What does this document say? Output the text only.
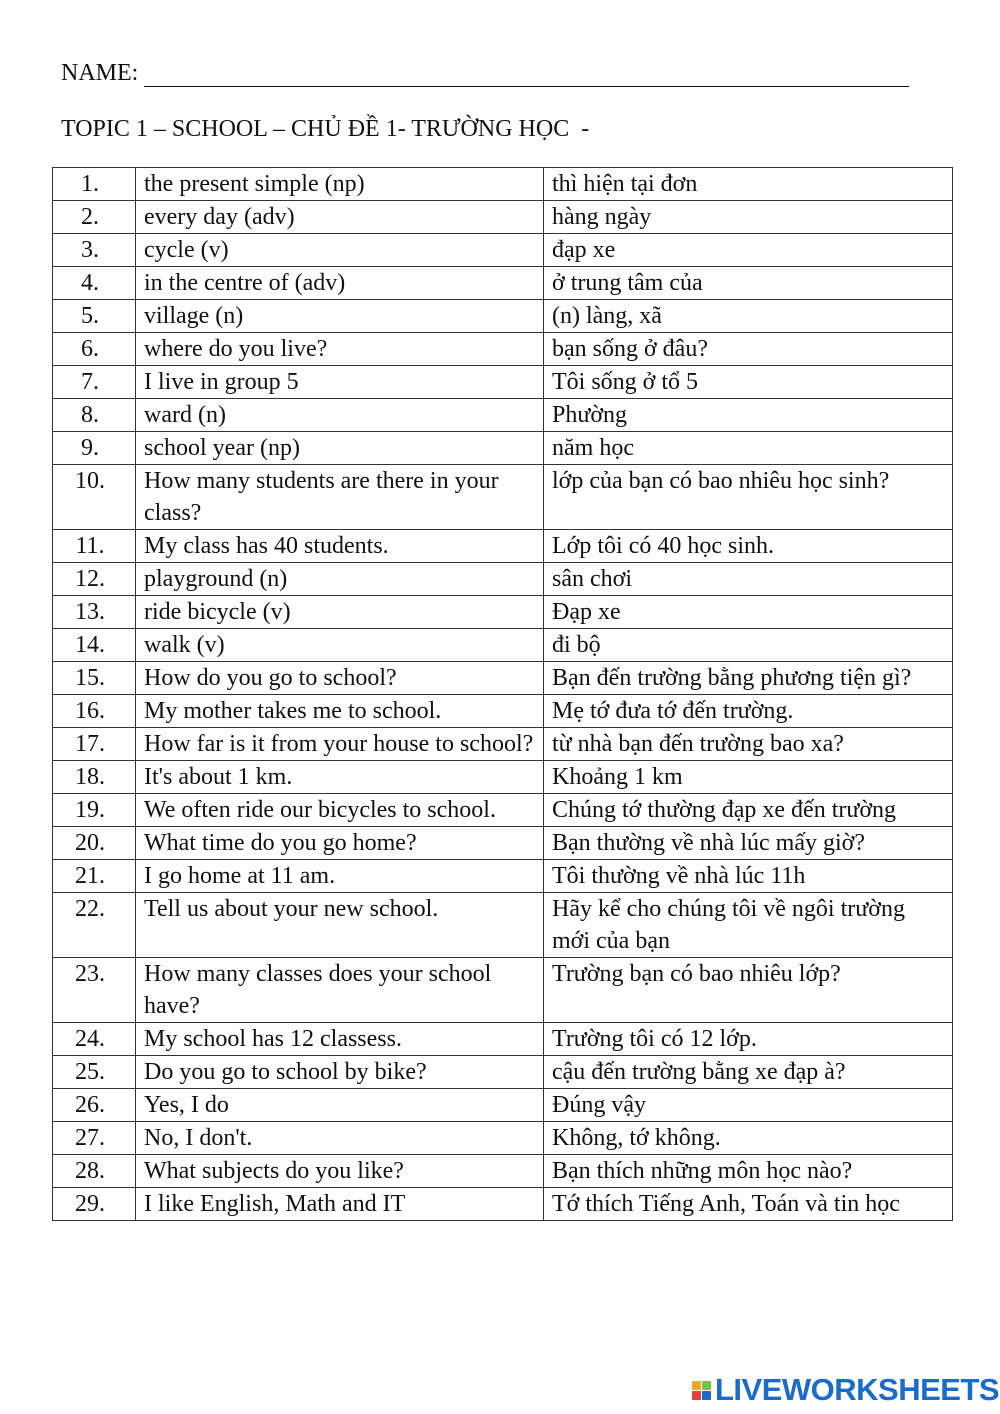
NAME:
TOPIC 1 – SCHOOL – CHỦ ĐỀ 1- TRƯỜNG HỌC  -
1.	the present simple (np)	thì hiện tại đơn
2.	every day (adv)	hàng ngày
3.	cycle (v)	đạp xe
4.	in the centre of (adv)	ở trung tâm của
5.	village (n)	(n) làng, xã
6.	where do you live?	bạn sống ở đâu?
7.	I live in group 5	Tôi sống ở tổ 5
8.	ward (n)	Phường
9.	school year (np)	năm học
10.	How many students are there in your class?	lớp của bạn có bao nhiêu học sinh?
11.	My class has 40 students.	Lớp tôi có 40 học sinh.
12.	playground (n)	sân chơi
13.	ride bicycle (v)	Đạp xe
14.	walk (v)	đi bộ
15.	How do you go to school?	Bạn đến trường bằng phương tiện gì?
16.	My mother takes me to school.	Mẹ tớ đưa tớ đến trường.
17.	How far is it from your house to school?	từ nhà bạn đến trường bao xa?
18.	It's about 1 km.	Khoảng 1 km
19.	We often ride our bicycles to school.	Chúng tớ thường đạp xe đến trường
20.	What time do you go home?	Bạn thường về nhà lúc mấy giờ?
21.	I go home at 11 am.	Tôi thường về nhà lúc 11h
22.	Tell us about your new school.	Hãy kể cho chúng tôi về ngôi trường mới của bạn
23.	How many classes does your school have?	Trường bạn có bao nhiêu lớp?
24.	My school has 12 classess.	Trường tôi có 12 lớp.
25.	Do you go to school by bike?	cậu đến trường bằng xe đạp à?
26.	Yes, I do	Đúng vậy
27.	No, I don't.	Không, tớ không.
28.	What subjects do you like?	Bạn thích những môn học nào?
29.	I like English, Math and IT	Tớ thích Tiếng Anh, Toán và tin học
LIVEWORKSHEETS
